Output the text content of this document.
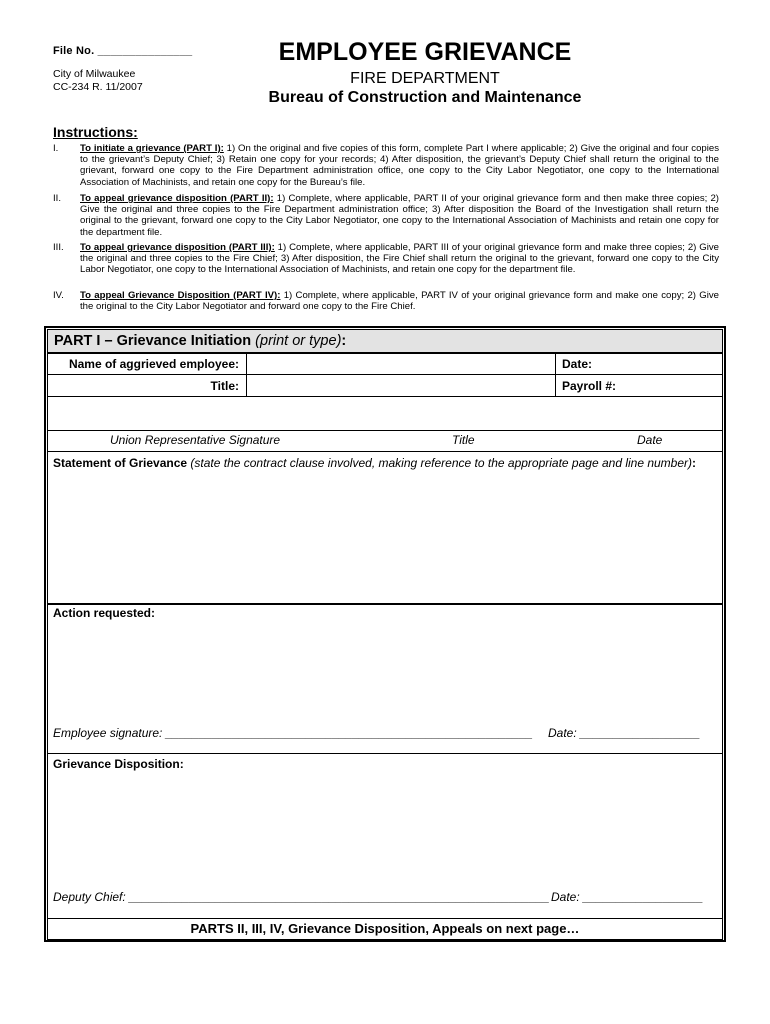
File No. _______________
City of Milwaukee
CC-234 R. 11/2007
EMPLOYEE GRIEVANCE
FIRE DEPARTMENT
Bureau of Construction and Maintenance
Instructions:
I. To initiate a grievance (PART I): 1) On the original and five copies of this form, complete Part I where applicable; 2) Give the original and four copies to the grievant’s Deputy Chief; 3) Retain one copy for your records; 4) After disposition, the grievant’s Deputy Chief shall return the original to the grievant, forward one copy to the Fire Department administration office, one copy to the City Labor Negotiator, one copy to the International Association of Machinists, and retain one copy for the Bureau’s file.
II. To appeal grievance disposition (PART II): 1) Complete, where applicable, PART II of your original grievance form and then make three copies; 2) Give the original and three copies to the Fire Department administration office; 3) After disposition the Board of the Investigation shall return the original to the grievant, forward one copy to the City Labor Negotiator, one copy to the International Association of Machinists and retain one copy for the department file.
III. To appeal grievance disposition (PART III): 1) Complete, where applicable, PART III of your original grievance form and make three copies; 2) Give the original and three copies to the Fire Chief; 3) After disposition, the Fire Chief shall return the original to the grievant, forward one copy to the City Labor Negotiator, one copy to the International Association of Machinists, and retain one copy for the department file.
IV. To appeal Grievance Disposition (PART IV): 1) Complete, where applicable, PART IV of your original grievance form and make one copy; 2) Give the original to the City Labor Negotiator and forward one copy to the Fire Chief.
PART I – Grievance Initiation (print or type):
Name of aggrieved employee:	Date:
Title:	Payroll #:
Union Representative Signature	Title	Date
Statement of Grievance (state the contract clause involved, making reference to the appropriate page and line number):
Action requested:
Employee signature: _______________________________________________________ Date: __________________
Grievance Disposition:
Deputy Chief: _______________________________________________________________ Date: __________________
PARTS II, III, IV, Grievance Disposition, Appeals on next page…
